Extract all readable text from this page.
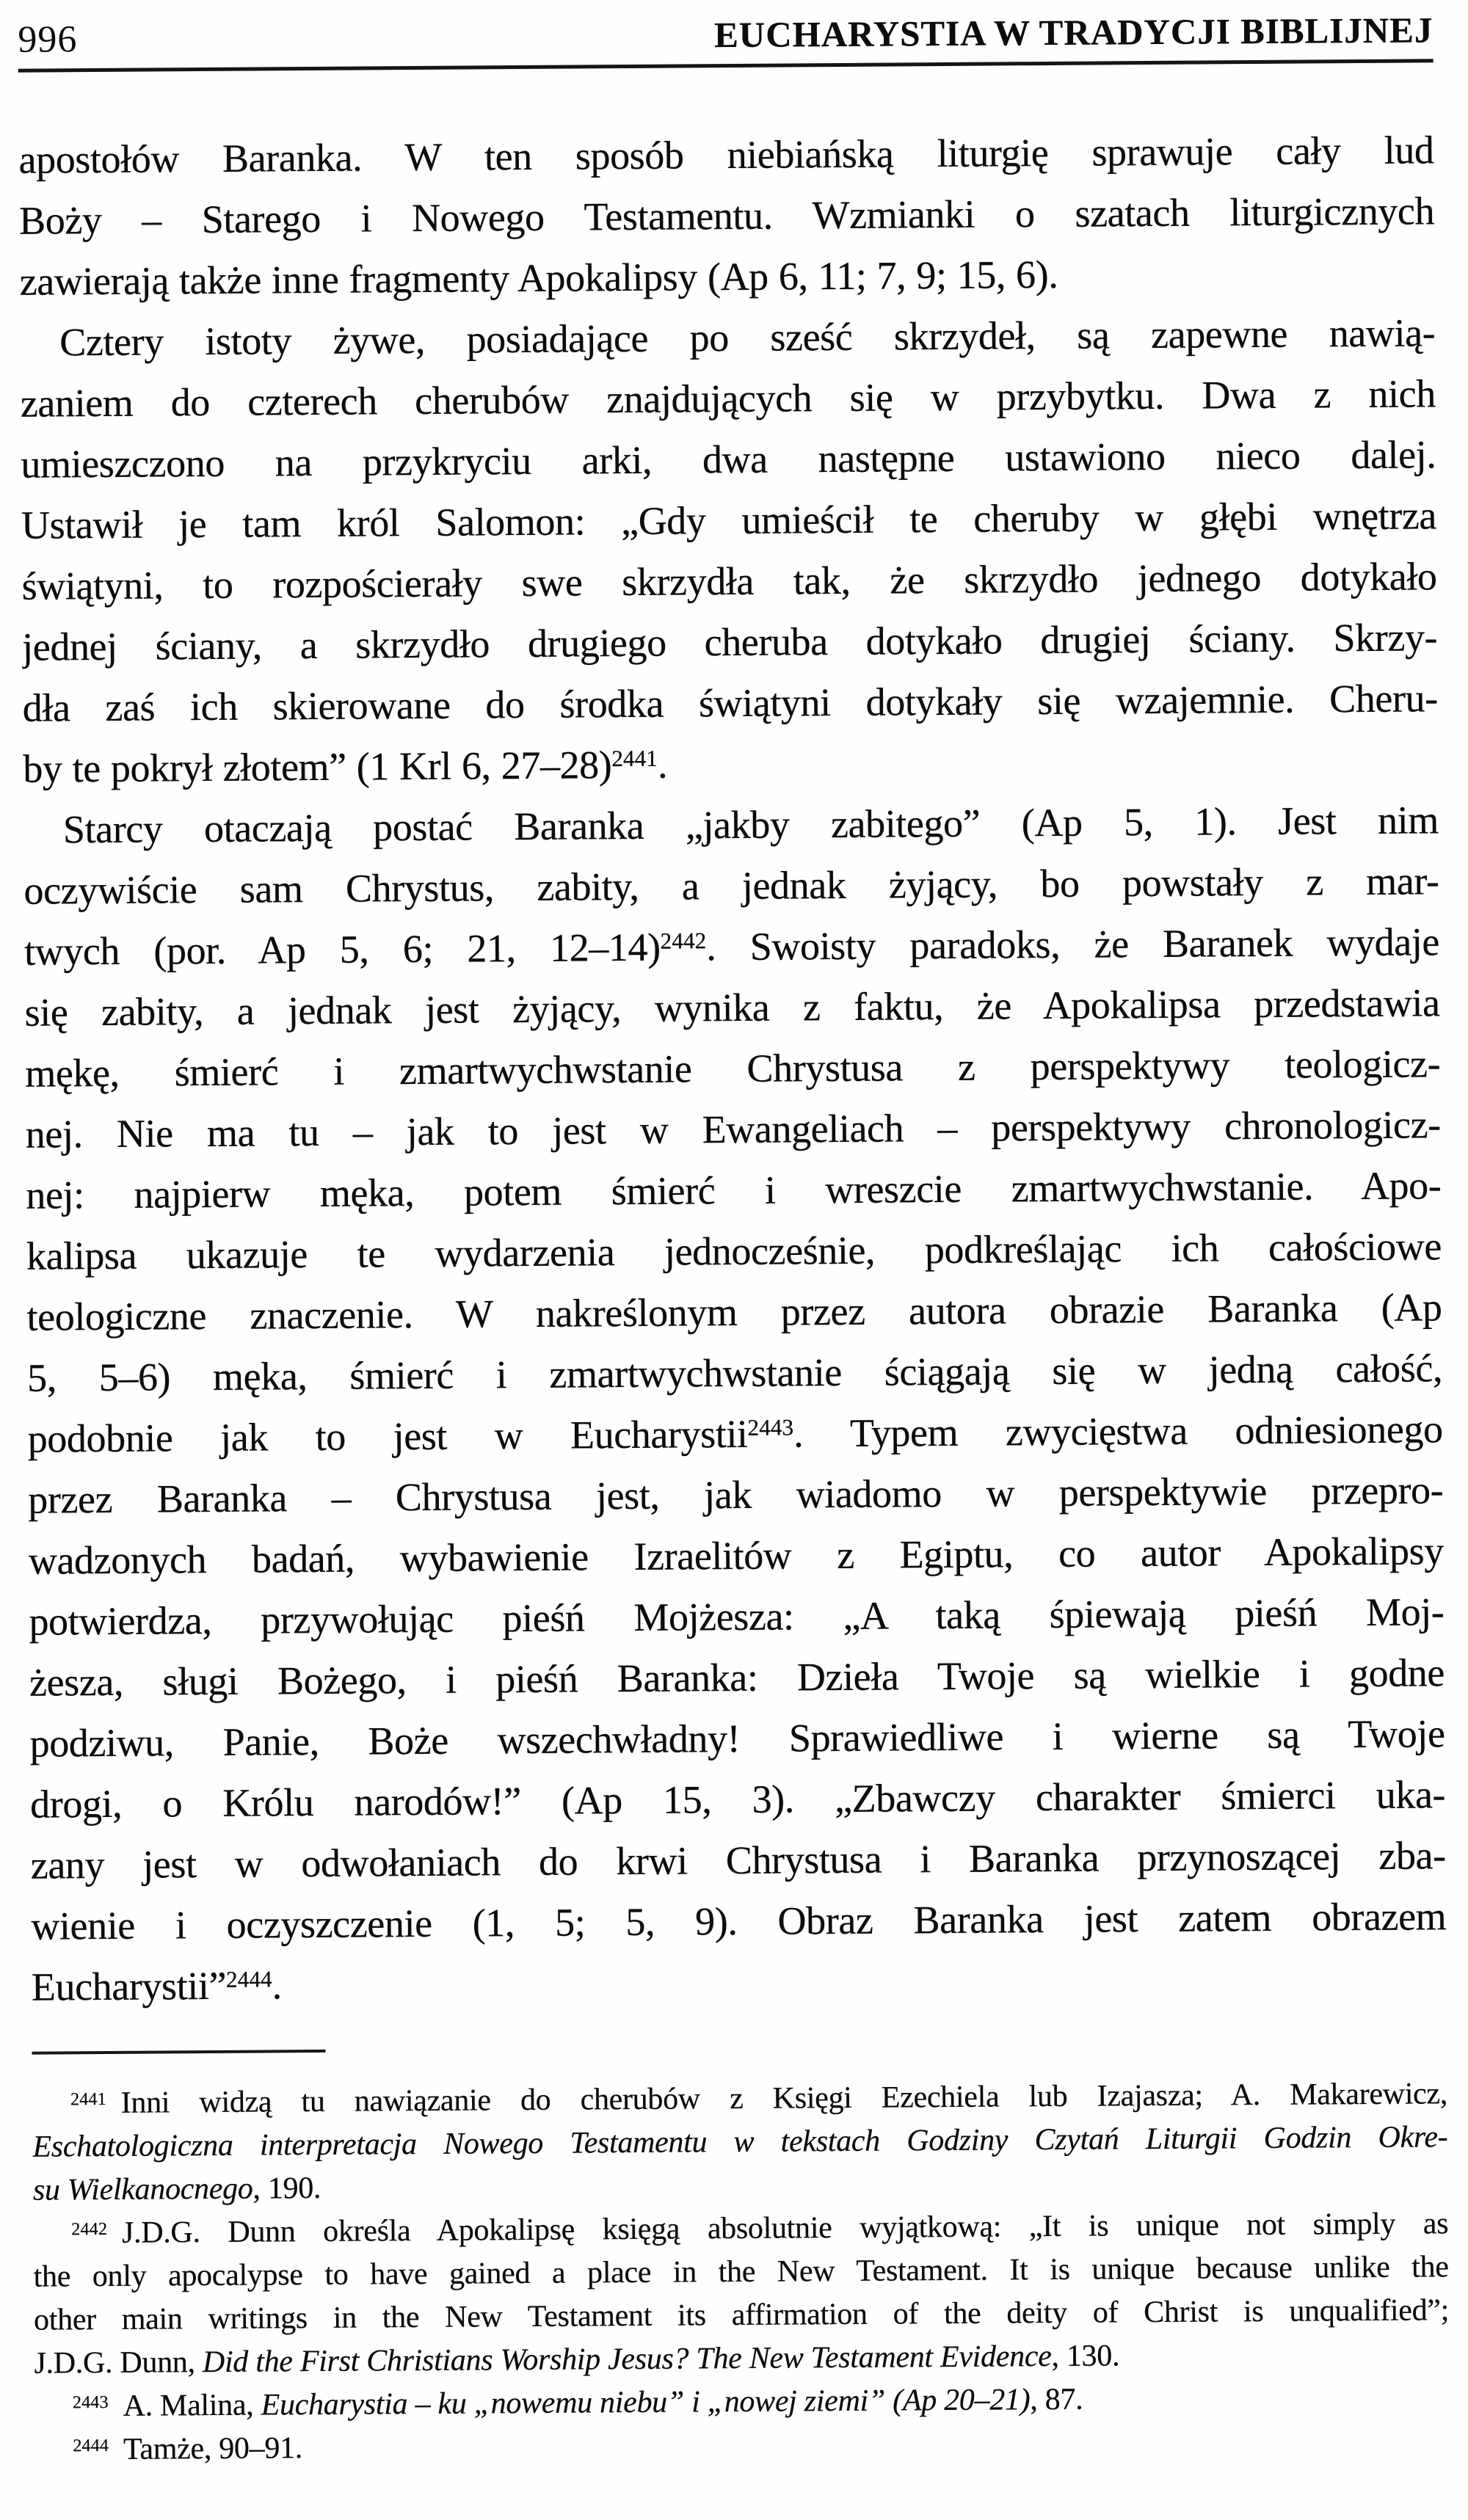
996	EUCHARYSTIA W TRADYCJI BIBLIJNEJ
apostołów Baranka. W ten sposób niebiańską liturgię sprawuje cały lud
Boży – Starego i Nowego Testamentu. Wzmianki o szatach liturgicznych
zawierają także inne fragmenty Apokalipsy (Ap 6, 11; 7, 9; 15, 6).
Cztery istoty żywe, posiadające po sześć skrzydeł, są zapewne nawią-
zaniem do czterech cherubów znajdujących się w przybytku. Dwa z nich
umieszczono na przykryciu arki, dwa następne ustawiono nieco dalej.
Ustawił je tam król Salomon: „Gdy umieścił te cheruby w głębi wnętrza
świątyni, to rozpościerały swe skrzydła tak, że skrzydło jednego dotykało
jednej ściany, a skrzydło drugiego cheruba dotykało drugiej ściany. Skrzy-
dła zaś ich skierowane do środka świątyni dotykały się wzajemnie. Cheru-
by te pokrył złotem” (1 Krl 6, 27–28)$^{2441}$.
Starcy otaczają postać Baranka „jakby zabitego” (Ap 5, 1). Jest nim
oczywiście sam Chrystus, zabity, a jednak żyjący, bo powstały z mar-
twych (por. Ap 5, 6; 21, 12–14)$^{2442}$. Swoisty paradoks, że Baranek wydaje
się zabity, a jednak jest żyjący, wynika z faktu, że Apokalipsa przedstawia
mękę, śmierć i zmartwychwstanie Chrystusa z perspektywy teologicz-
nej. Nie ma tu – jak to jest w Ewangeliach – perspektywy chronologicz-
nej: najpierw męka, potem śmierć i wreszcie zmartwychwstanie. Apo-
kalipsa ukazuje te wydarzenia jednocześnie, podkreślając ich całościowe
teologiczne znaczenie. W nakreślonym przez autora obrazie Baranka (Ap
5, 5–6) męka, śmierć i zmartwychwstanie ściągają się w jedną całość,
podobnie jak to jest w Eucharystii$^{2443}$. Typem zwycięstwa odniesionego
przez Baranka – Chrystusa jest, jak wiadomo w perspektywie przepro-
wadzonych badań, wybawienie Izraelitów z Egiptu, co autor Apokalipsy
potwierdza, przywołując pieśń Mojżesza: „A taką śpiewają pieśń Moj-
żesza, sługi Bożego, i pieśń Baranka: Dzieła Twoje są wielkie i godne
podziwu, Panie, Boże wszechwładny! Sprawiedliwe i wierne są Twoje
drogi, o Królu narodów!” (Ap 15, 3). „Zbawczy charakter śmierci uka-
zany jest w odwołaniach do krwi Chrystusa i Baranka przynoszącej zba-
wienie i oczyszczenie (1, 5; 5, 9). Obraz Baranka jest zatem obrazem
Eucharystii”$^{2444}$.
$^{2441}$ Inni widzą tu nawiązanie do cherubów z Księgi Ezechiela lub Izajasza; A. Makarewicz,
Eschatologiczna interpretacja Nowego Testamentu w tekstach Godziny Czytań Liturgii Godzin Okre-
su Wielkanocnego, 190.
$^{2442}$ J.D.G. Dunn określa Apokalipsę księgą absolutnie wyjątkową: „It is unique not simply as
the only apocalypse to have gained a place in the New Testament. It is unique because unlike the
other main writings in the New Testament its affirmation of the deity of Christ is unqualified”;
J.D.G. Dunn, Did the First Christians Worship Jesus? The New Testament Evidence, 130.
$^{2443}$ A. Malina, Eucharystia – ku „nowemu niebu” i „nowej ziemi” (Ap 20–21), 87.
$^{2444}$ Tamże, 90–91.
